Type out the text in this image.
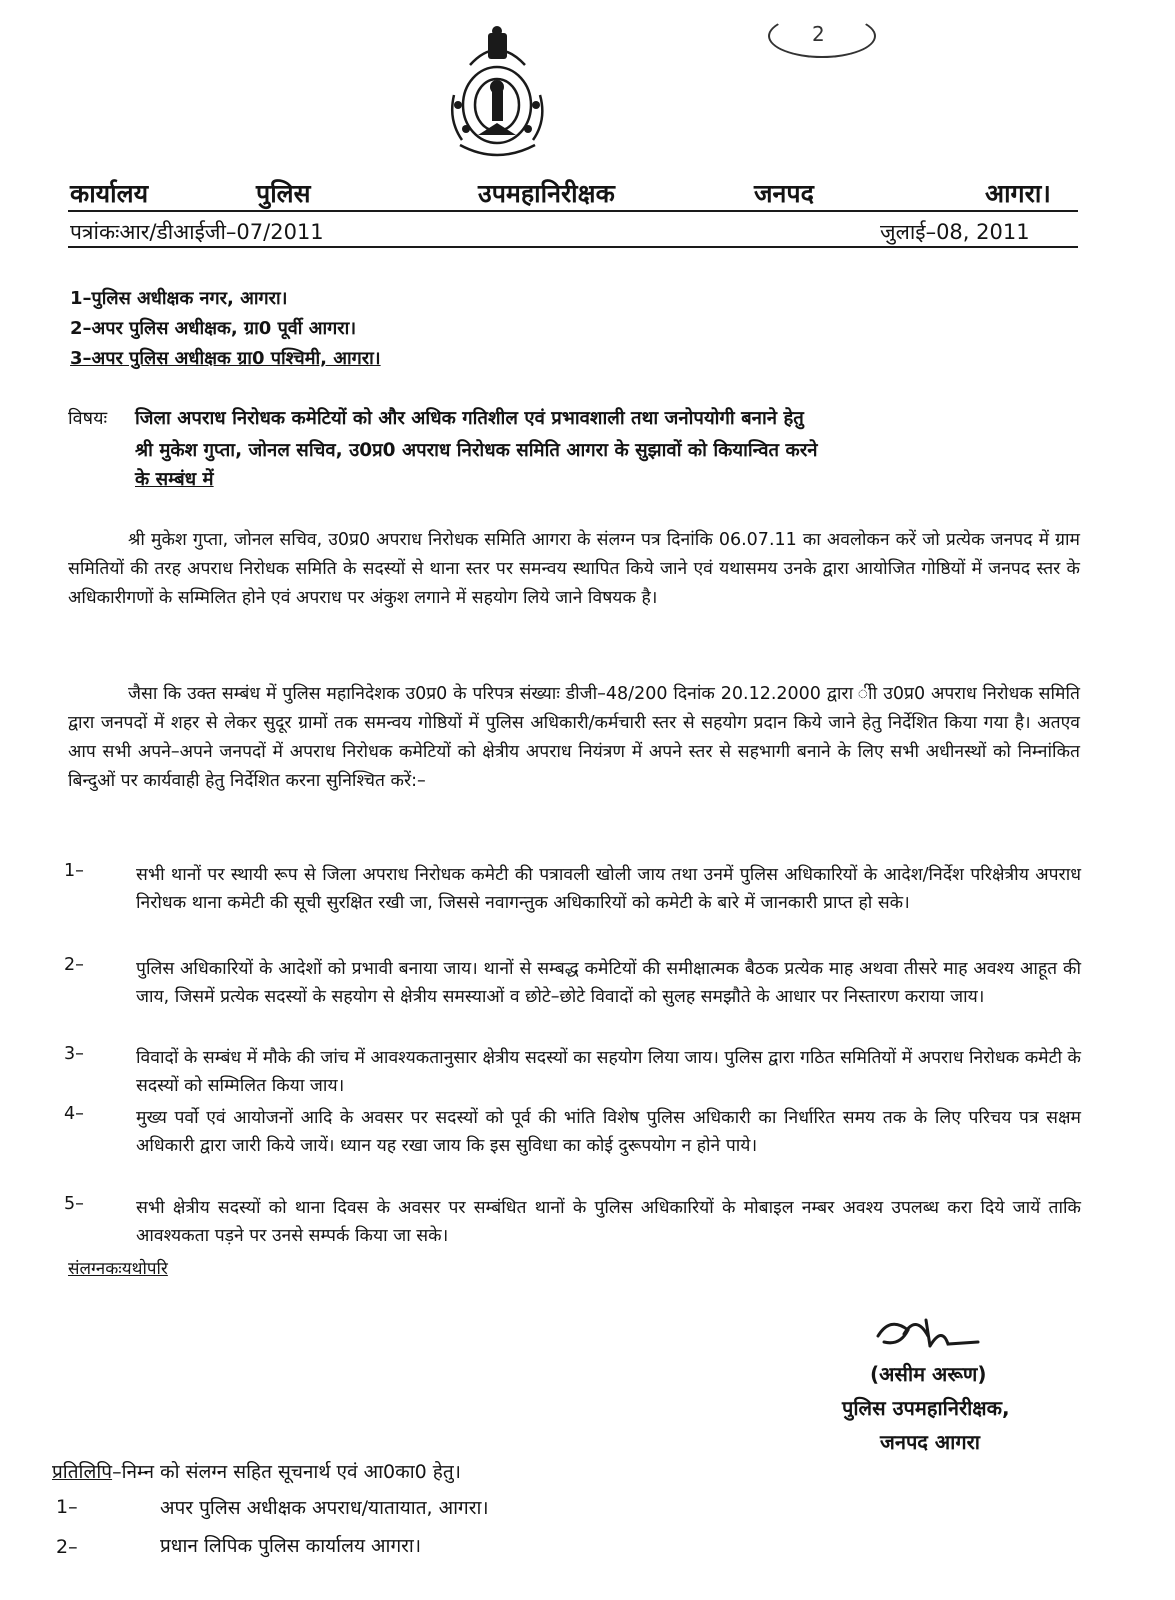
2
कार्यालय	पुलिस	उपमहानिरीक्षक	जनपद	आगरा।
पत्रांकःआर/डीआईजी–07/2011	जुलाई–08, 2011
1–पुलिस अधीक्षक नगर, आगरा।
2–अपर पुलिस अधीक्षक, ग्रा0 पूर्वी आगरा।
3–अपर पुलिस अधीक्षक ग्रा0 पश्चिमी, आगरा।
विषयः जिला अपराध निरोधक कमेटियों को और अधिक गतिशील एवं प्रभावशाली तथा जनोपयोगी बनाने हेतु
श्री मुकेश गुप्ता, जोनल सचिव, उ0प्र0 अपराध निरोधक समिति आगरा के सुझावों को कियान्वित करने
के सम्बंध में
श्री मुकेश गुप्ता, जोनल सचिव, उ0प्र0 अपराध निरोधक समिति आगरा के संलग्न पत्र दिनांकि 06.07.11 का अवलोकन करें जो प्रत्येक जनपद में ग्राम समितियों की तरह अपराध निरोधक समिति के सदस्यों से थाना स्तर पर समन्वय स्थापित किये जाने एवं यथासमय उनके द्वारा आयोजित गोष्ठियों में जनपद स्तर के अधिकारीगणों के सम्मिलित होने एवं अपराध पर अंकुश लगाने में सहयोग लिये जाने विषयक है।
जैसा कि उक्त सम्बंध में पुलिस महानिदेशक उ0प्र0 के परिपत्र संख्याः डीजी–48/200 दिनांक 20.12.2000 द्वारा ीी उ0प्र0 अपराध निरोधक समिति द्वारा जनपदों में शहर से लेकर सुदूर ग्रामों तक समन्वय गोष्ठियों में पुलिस अधिकारी/कर्मचारी स्तर से सहयोग प्रदान किये जाने हेतु निर्देशित किया गया है। अतएव आप सभी अपने–अपने जनपदों में अपराध निरोधक कमेटियों को क्षेत्रीय अपराध नियंत्रण में अपने स्तर से सहभागी बनाने के लिए सभी अधीनस्थों को निम्नांकित बिन्दुओं पर कार्यवाही हेतु निर्देशित करना सुनिश्चित करें:–
1–	सभी थानों पर स्थायी रूप से जिला अपराध निरोधक कमेटी की पत्रावली खोली जाय तथा उनमें पुलिस अधिकारियों के आदेश/निर्देश परिक्षेत्रीय अपराध निरोधक थाना कमेटी की सूची सुरक्षित रखी जा, जिससे नवागन्तुक अधिकारियों को कमेटी के बारे में जानकारी प्राप्त हो सके।
2–	पुलिस अधिकारियों के आदेशों को प्रभावी बनाया जाय। थानों से सम्बद्ध कमेटियों की समीक्षात्मक बैठक प्रत्येक माह अथवा तीसरे माह अवश्य आहूत की जाय, जिसमें प्रत्येक सदस्यों के सहयोग से क्षेत्रीय समस्याओं व छोटे–छोटे विवादों को सुलह समझौते के आधार पर निस्तारण कराया जाय।
3–	विवादों के सम्बंध में मौके की जांच में आवश्यकतानुसार क्षेत्रीय सदस्यों का सहयोग लिया जाय। पुलिस द्वारा गठित समितियों में अपराध निरोधक कमेटी के सदस्यों को सम्मिलित किया जाय।
4–	मुख्य पर्वो एवं आयोजनों आदि के अवसर पर सदस्यों को पूर्व की भांति विशेष पुलिस अधिकारी का निर्धारित समय तक के लिए परिचय पत्र सक्षम अधिकारी द्वारा जारी किये जायें। ध्यान यह रखा जाय कि इस सुविधा का कोई दुरूपयोग न होने पाये।
5–	सभी क्षेत्रीय सदस्यों को थाना दिवस के अवसर पर सम्बंधित थानों के पुलिस अधिकारियों के मोबाइल नम्बर अवश्य उपलब्ध करा दिये जायें ताकि आवश्यकता पड़ने पर उनसे सम्पर्क किया जा सके।
संलग्नकःयथोपरि
(असीम अरूण)
पुलिस उपमहानिरीक्षक,
जनपद आगरा
प्रतिलिपि–निम्न को संलग्न सहित सूचनार्थ एवं आ0का0 हेतु।
1–	अपर पुलिस अधीक्षक अपराध/यातायात, आगरा।
2–	प्रधान लिपिक पुलिस कार्यालय आगरा।
